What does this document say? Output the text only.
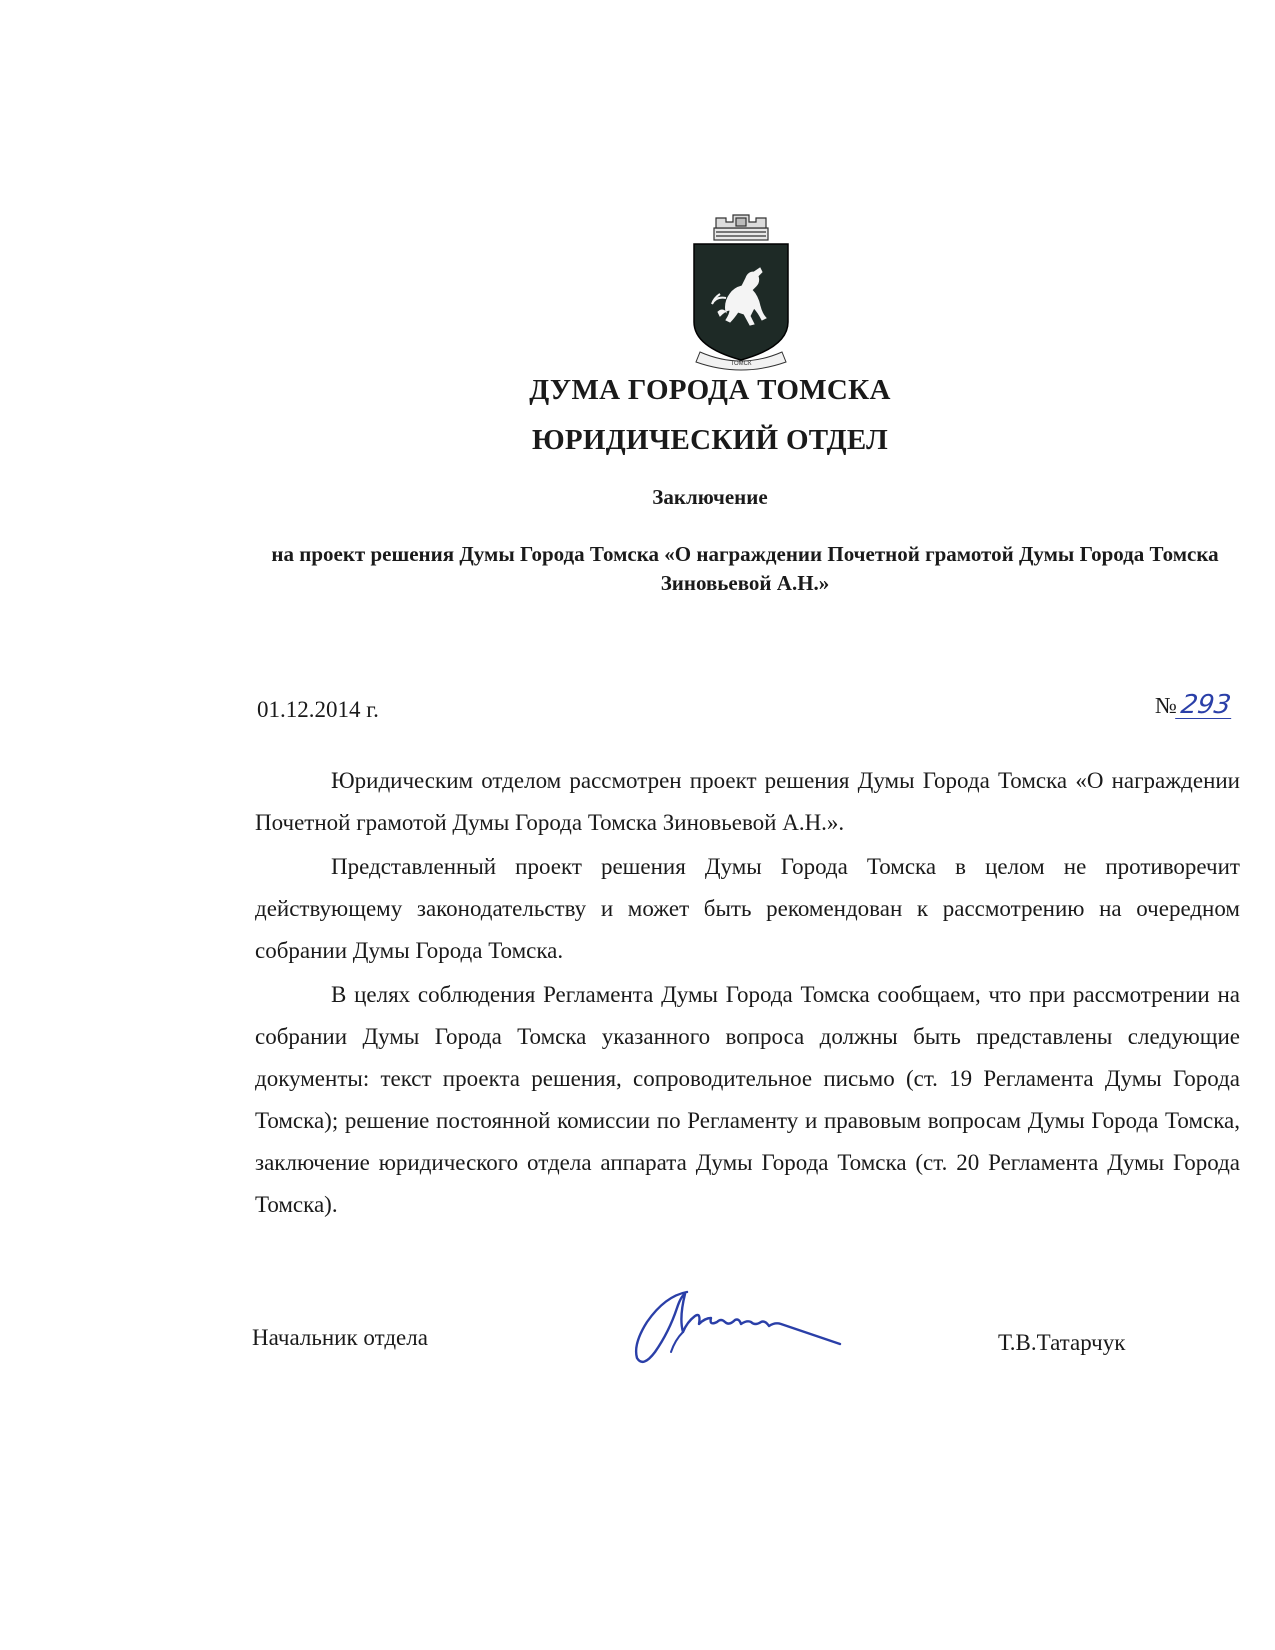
ТОМСК
ДУМА ГОРОДА ТОМСКА
ЮРИДИЧЕСКИЙ ОТДЕЛ
Заключение
на проект решения Думы Города Томска «О награждении Почетной грамотой Думы Города Томска Зиновьевой А.Н.»
01.12.2014 г.	№293

Юридическим отделом рассмотрен проект решения Думы Города Томска «О награждении Почетной грамотой Думы Города Томска Зиновьевой А.Н.».

Представленный проект решения Думы Города Томска в целом не противоречит действующему законодательству и может быть рекомендован к рассмотрению на очередном собрании Думы Города Томска.

В целях соблюдения Регламента Думы Города Томска сообщаем, что при рассмотрении на собрании Думы Города Томска указанного вопроса должны быть представлены следующие документы: текст проекта решения, сопроводительное письмо (ст. 19 Регламента Думы Города Томска); решение постоянной комиссии по Регламенту и правовым вопросам Думы Города Томска, заключение юридического отдела аппарата Думы Города Томска (ст. 20 Регламента Думы Города Томска).

Начальник отдела	Т.В.Татарчук
